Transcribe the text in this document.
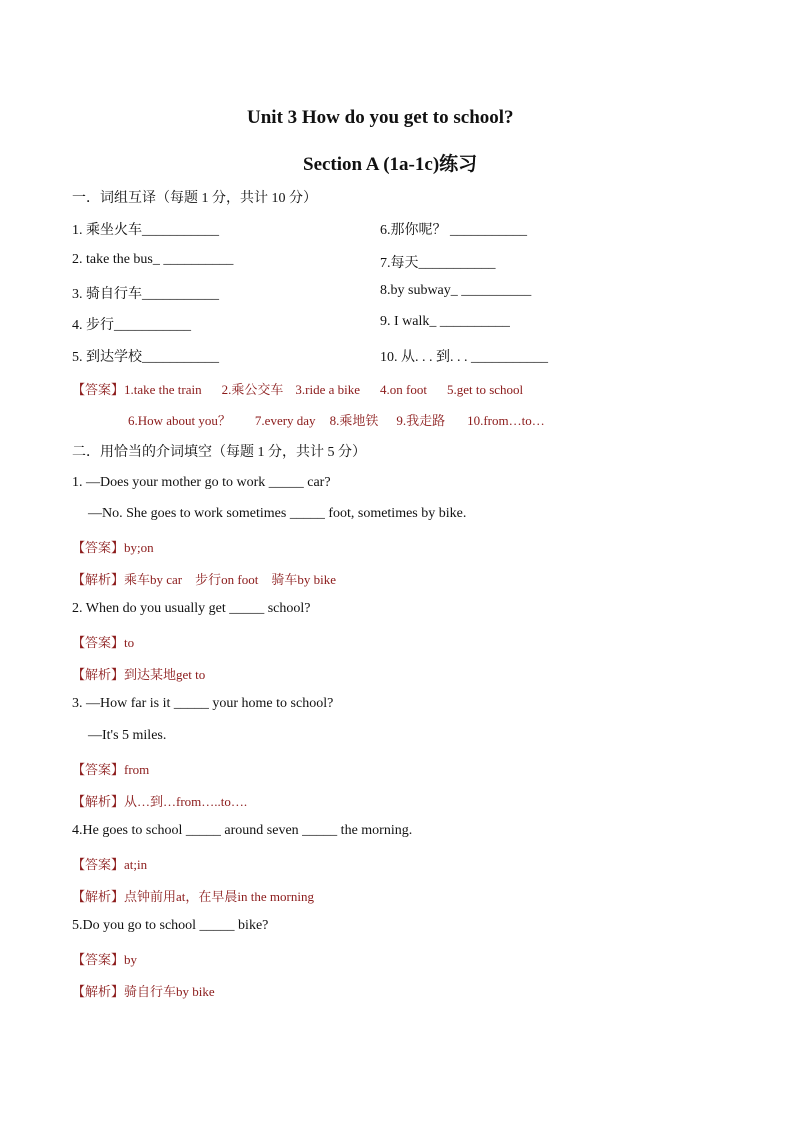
Unit 3 How do you get to school?
Section A (1a-1c)练习
一．词组互译（每题 1 分，共计 10 分）
1. 乘坐火车___________
2. take the bus_ __________
3. 骑自行车___________
4. 步行___________
5. 到达学校___________
6.那你呢？ ___________
7.每天___________
8.by subway_ __________
9. I walk_ __________
10. 从. . . 到. . . ___________
【答案】1.take the train 2.乘公交车 3.ride a bike 4.on foot 5.get to school
6.How about you？ 7.every day 8.乘地铁 9.我走路 10.from…to…
二．用恰当的介词填空（每题 1 分，共计 5 分）
1. —Does your mother go to work _____ car?
—No. She goes to work sometimes _____ foot, sometimes by bike.
【答案】by;on
【解析】乘车by car    步行on foot    骑车by bike
2. When do you usually get _____ school?
【答案】to
【解析】到达某地get to
3. —How far is it _____ your home to school?
—It's 5 miles.
【答案】from
【解析】从…到…from…..to….
4.He goes to school _____ around seven _____ the morning.
【答案】at;in
【解析】点钟前用at，在早晨in the morning
5.Do you go to school _____ bike?
【答案】by
【解析】骑自行车by bike
